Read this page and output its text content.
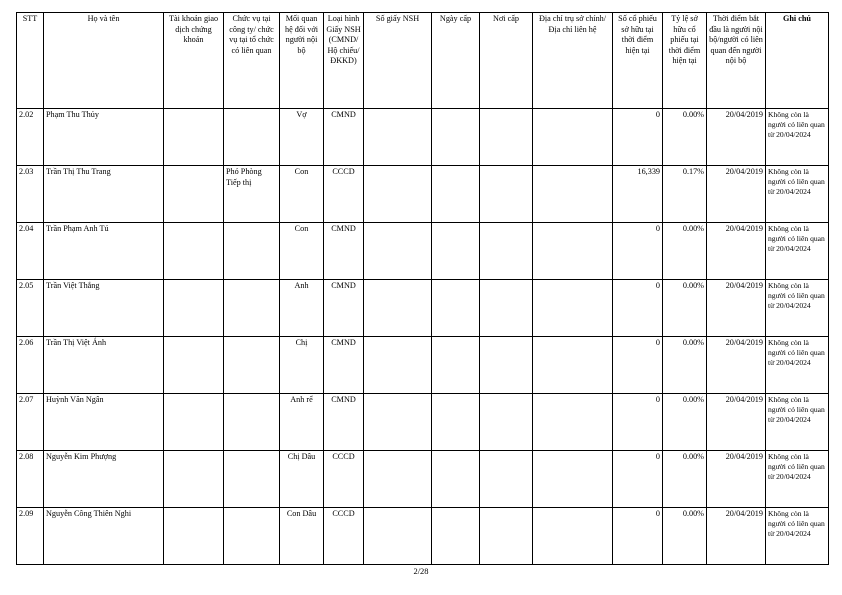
STT	Họ và tên	Tài khoản giao dịch chứng khoán	Chức vụ tại công ty/ chức vụ tại tổ chức có liên quan	Mối quan hệ đối với người nội bộ	Loại hình Giấy NSH (CMND/ Hộ chiếu/ ĐKKD)	Số giấy NSH	Ngày cấp	Nơi cấp	Địa chỉ trụ sở chính/Địa chỉ liên hệ	Số cổ phiếu sở hữu tại thời điểm hiện tại	Tỷ lệ sở hữu cổ phiếu tại thời điểm hiện tại	Thời điểm bắt đầu là người nội bộ/người có liên quan đến người nội bộ	Ghi chú
2.02	Phạm Thu Thủy			Vợ	CMND					0	0.00%	20/04/2019	Không còn là người có liên quan từ 20/04/2024
2.03	Trần Thị Thu Trang		Phó Phòng Tiếp thị	Con	CCCD					16,339	0.17%	20/04/2019	Không còn là người có liên quan từ 20/04/2024
2.04	Trần Phạm Anh Tú			Con	CMND					0	0.00%	20/04/2019	Không còn là người có liên quan từ 20/04/2024
2.05	Trần Việt Thắng			Anh	CMND					0	0.00%	20/04/2019	Không còn là người có liên quan từ 20/04/2024
2.06	Trần Thị Việt Ánh			Chị	CMND					0	0.00%	20/04/2019	Không còn là người có liên quan từ 20/04/2024
2.07	Huỳnh Văn Ngân			Anh rể	CMND					0	0.00%	20/04/2019	Không còn là người có liên quan từ 20/04/2024
2.08	Nguyễn Kim Phượng			Chị Dâu	CCCD					0	0.00%	20/04/2019	Không còn là người có liên quan từ 20/04/2024
2.09	Nguyễn Công Thiên Nghi			Con Dâu	CCCD					0	0.00%	20/04/2019	Không còn là người có liên quan từ 20/04/2024
2/28
